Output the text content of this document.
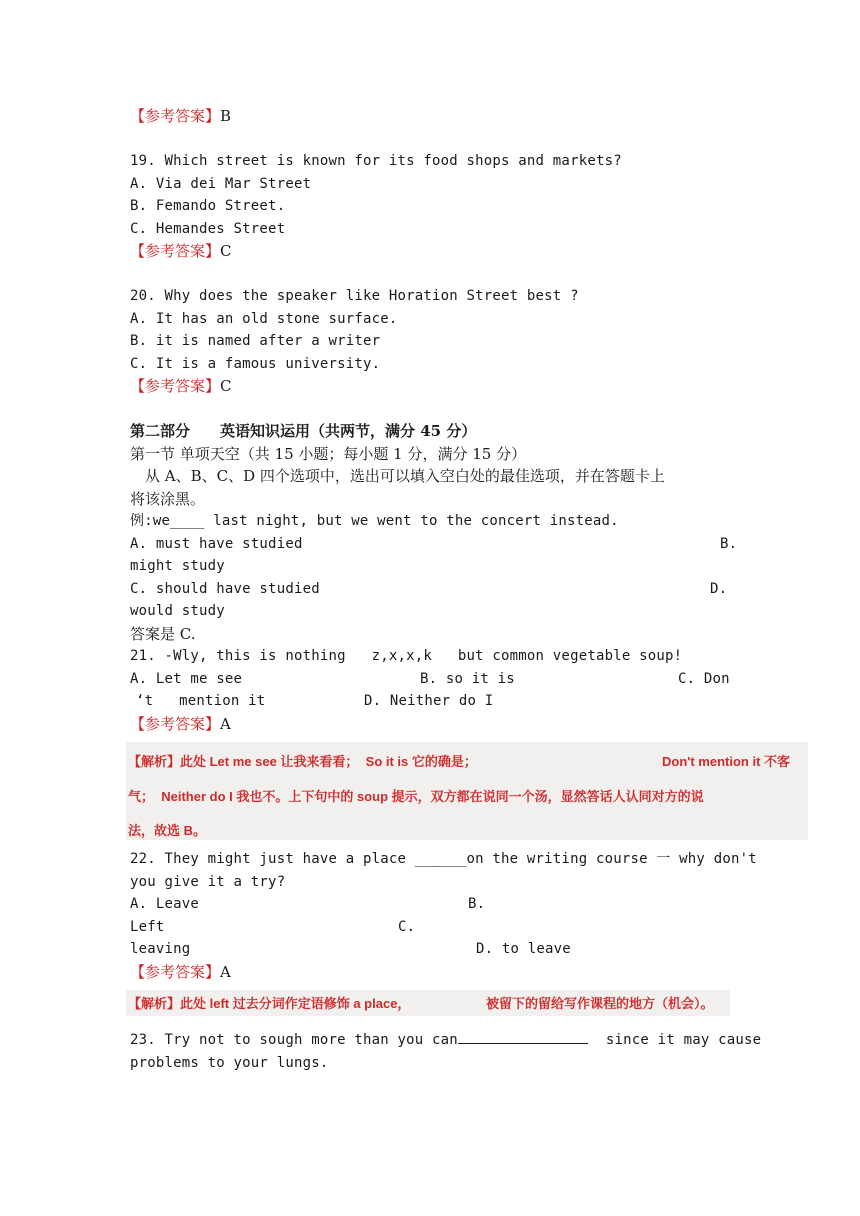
【参考答案】B
19. Which street is known for its food shops and markets?
A. Via dei Mar Street
B. Femando Street.
C. Hemandes Street
【参考答案】C
20. Why does the speaker like Horation Street best ?
A. It has an old stone surface.
B. it is named after a writer
C. It is a famous university.
【参考答案】C
第二部分　　英语知识运用（共两节，满分 45 分）
第一节 单项天空（共 15 小题；每小题 1 分，满分 15 分）
　从 A、B、C、D 四个选项中，选出可以填入空白处的最佳选项，并在答题卡上
将该涂黑。
例:we____ last night, but we went to the concert instead.
A. must have studied	B.
might study
C. should have studied	D.
would study
答案是 C.
21. -Wly, this is nothing   z,x,x,k   but common vegetable soup!
A. Let me see	B. so it is	C. Don
‘t   mention it	D. Neither do I
【参考答案】A
【解析】此处 Let me see 让我来看看；  So it is 它的确是；	Don't mention it 不客
气；  Neither do I 我也不。上下句中的 soup 提示，双方都在说同一个汤，显然答话人认同对方的说
法，故选 B。
22. They might just have a place ______on the writing course 一 why don't
you give it a try?
A. Leave	B.
Left	C.
leaving	D. to leave
【参考答案】A
【解析】此处 left 过去分词作定语修饰 a place，	被留下的留给写作课程的地方（机会）。
23. Try not to sough more than you can	since it may cause
problems to your lungs.
